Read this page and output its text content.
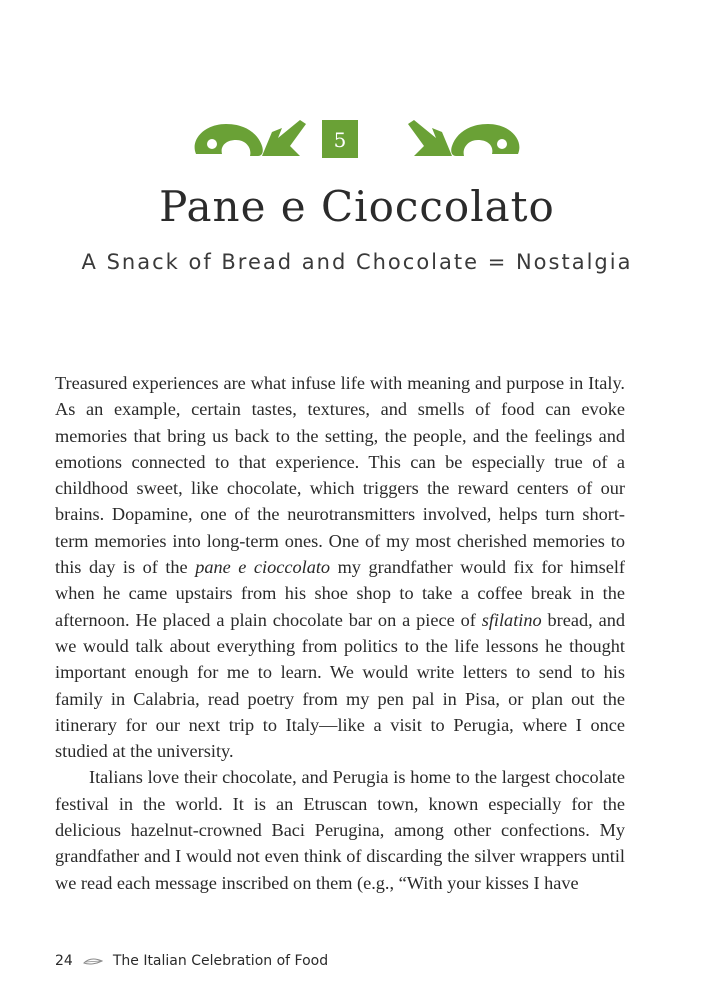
5
Pane e Cioccolato
A Snack of Bread and Chocolate = Nostalgia

Treasured experiences are what infuse life with meaning and purpose in Italy. As an example, certain tastes, textures, and smells of food can evoke memories that bring us back to the setting, the people, and the feelings and emotions connected to that experience. This can be especially true of a childhood sweet, like chocolate, which triggers the reward centers of our brains. Dopamine, one of the neurotransmitters involved, helps turn short-term memories into long-term ones. One of my most cherished memories to this day is of the pane e cioccolato my grandfather would fix for himself when he came upstairs from his shoe shop to take a coffee break in the afternoon. He placed a plain chocolate bar on a piece of sfilatino bread, and we would talk about everything from politics to the life lessons he thought important enough for me to learn. We would write letters to send to his family in Calabria, read poetry from my pen pal in Pisa, or plan out the itinerary for our next trip to Italy—like a visit to Perugia, where I once studied at the university.

Italians love their chocolate, and Perugia is home to the largest chocolate festival in the world. It is an Etruscan town, known especially for the delicious hazelnut-crowned Baci Perugina, among other confections. My grandfather and I would not even think of discarding the silver wrappers until we read each message inscribed on them (e.g., “With your kisses I have

24	The Italian Celebration of Food
